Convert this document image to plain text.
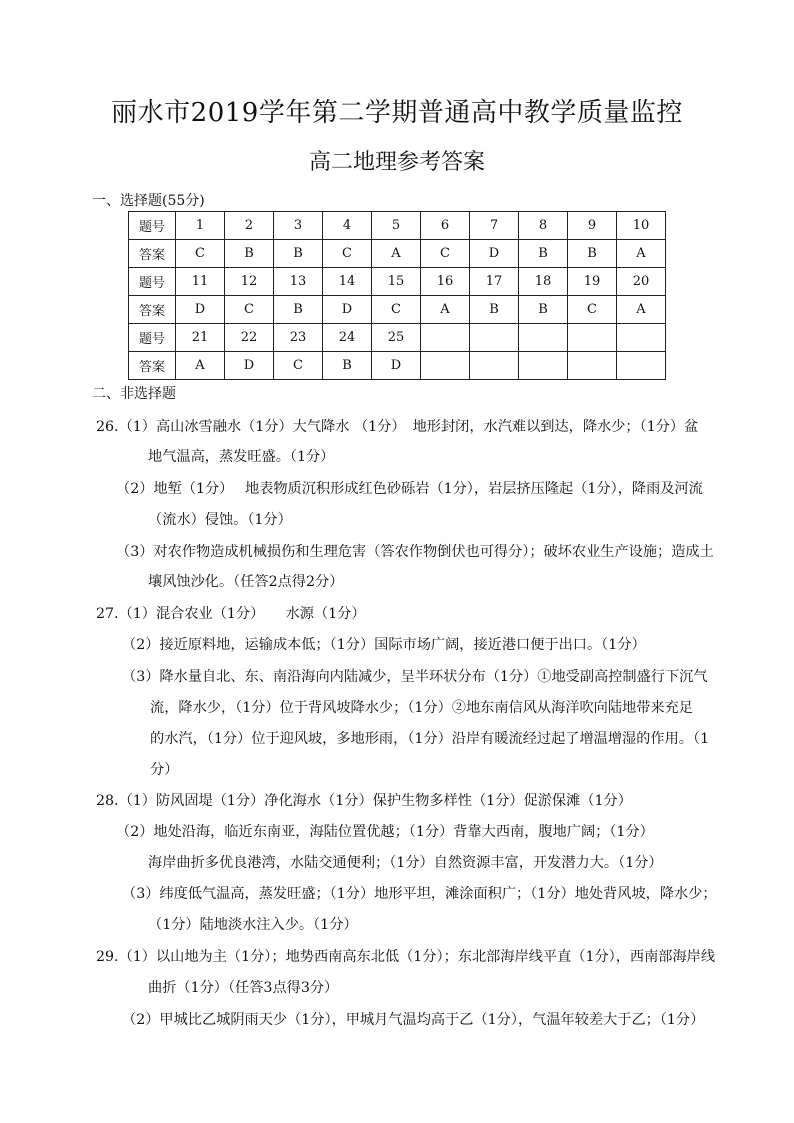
丽水市2019学年第二学期普通高中教学质量监控
高二地理参考答案
一、选择题(55分)
题号	1	2	3	4	5	6	7	8	9	10
答案	C	B	B	C	A	C	D	B	B	A
题号	11	12	13	14	15	16	17	18	19	20
答案	D	C	B	D	C	A	B	B	C	A
题号	21	22	23	24	25					
答案	A	D	C	B	D					
二、非选择题
26.（1）高山冰雪融水（1分）大气降水 （1分）　地形封闭，水汽难以到达，降水少；（1分）盆
地气温高，蒸发旺盛。（1分）
（2）地堑（1分）　 地表物质沉积形成红色砂砾岩（1分），岩层挤压隆起（1分），降雨及河流
（流水）侵蚀。（1分）
（3）对农作物造成机械损伤和生理危害（答农作物倒伏也可得分）；破坏农业生产设施；造成土
壤风蚀沙化。（任答2点得2分）
27.（1）混合农业（1分）　　水源（1分）
（2）接近原料地，运输成本低；（1分）国际市场广阔，接近港口便于出口。（1分）
（3）降水量自北、东、南沿海向内陆减少，呈半环状分布（1分）①地受副高控制盛行下沉气
流，降水少，（1分）位于背风坡降水少；（1分）②地东南信风从海洋吹向陆地带来充足
的水汽，（1分）位于迎风坡，多地形雨，（1分）沿岸有暖流经过起了增温增湿的作用。（1
分）
28.（1）防风固堤（1分）净化海水（1分）保护生物多样性（1分）促淤保滩（1分）
（2）地处沿海，临近东南亚，海陆位置优越；（1分）背靠大西南，腹地广阔；（1分）
海岸曲折多优良港湾，水陆交通便利；（1分）自然资源丰富，开发潜力大。（1分）
（3）纬度低气温高，蒸发旺盛；（1分）地形平坦，滩涂面积广；（1分）地处背风坡，降水少；
（1分）陆地淡水注入少。（1分）
29.（1）以山地为主（1分）；地势西南高东北低（1分）；东北部海岸线平直（1分），西南部海岸线
曲折（1分）（任答3点得3分）
（2）甲城比乙城阴雨天少（1分），甲城月气温均高于乙（1分），气温年较差大于乙；（1分）
